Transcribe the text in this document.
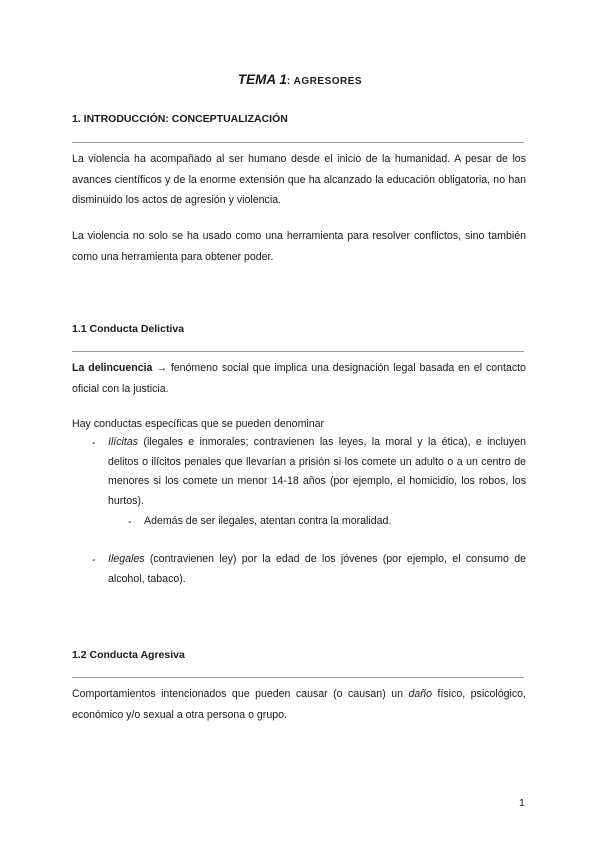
TEMA 1: AGRESORES
1. INTRODUCCIÓN: CONCEPTUALIZACIÓN

La violencia ha acompañado al ser humano desde el inicio de la humanidad. A pesar de los avances científicos y de la enorme extensión que ha alcanzado la educación obligatoria, no han disminuido los actos de agresión y violencia.

La violencia no solo se ha usado como una herramienta para resolver conflictos, sino también como una herramienta para obtener poder.

1.1 Conducta Delictiva

La delincuencia → fenómeno social que implica una designación legal basada en el contacto oficial con la justicia.

Hay conductas específicas que se pueden denominar

- Ilícitas (ilegales e inmorales; contravienen las leyes, la moral y la ética), e incluyen delitos o ilícitos penales que llevarían a prisión si los comete un adulto o a un centro de menores si los comete un menor 14-18 años (por ejemplo, el homicidio, los robos, los hurtos).

- Además de ser ilegales, atentan contra la moralidad.

- Ilegales (contravienen ley) por la edad de los jóvenes (por ejemplo, el consumo de alcohol, tabaco).

1.2 Conducta Agresiva

Comportamientos intencionados que pueden causar (o causan) un daño físico, psicológico, económico y/o sexual a otra persona o grupo.

1
